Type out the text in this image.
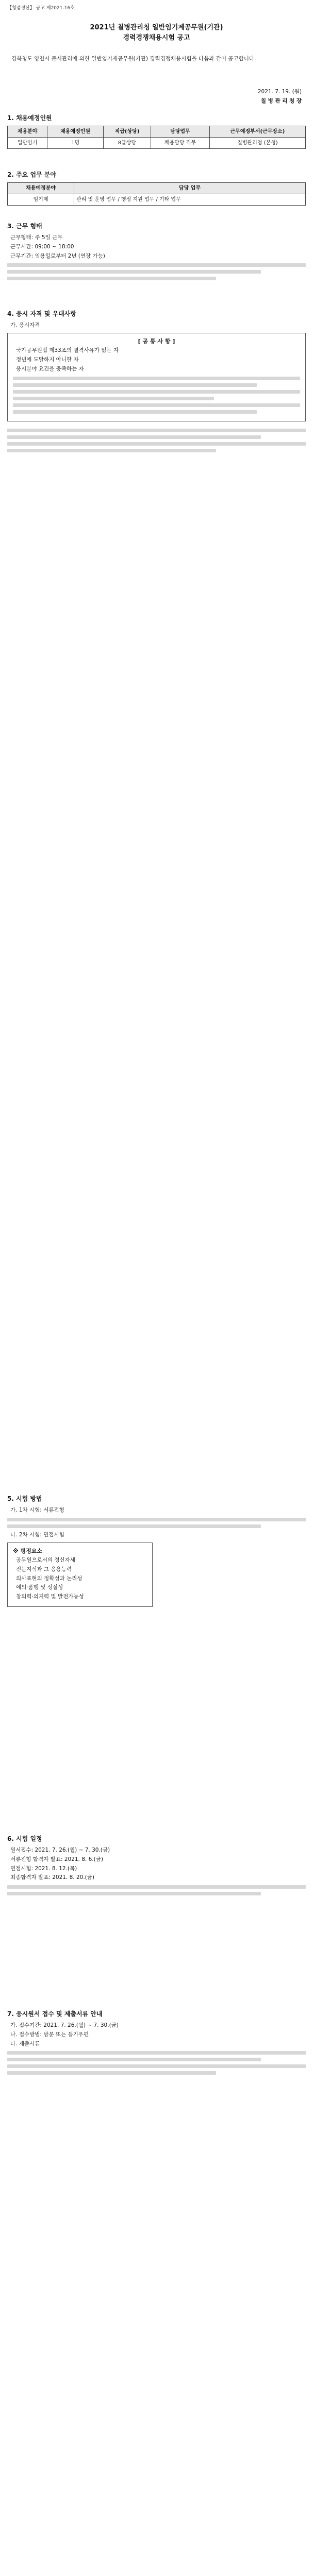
【청렴경산】 공고 제2021-16호
2021년 칠병관리청 일반임기제공무원(기관)
경력경쟁채용시험 공고
경북청도 영천시 문서관리에 의한 일반임기제공무원(기관) 경력경쟁채용시험을 다음과 같이 공고합니다.
2021. 7. 19. (월)
칠 병 관 리 청 장
1. 채용예정인원
채용분야	채용예정인원	직급(상당)	담당업무	근무예정부서(근무장소)
일반임기	1명	8급상당	채용담당 직무	칠병관리청 (본청)
2. 주요 업무 분야
채용예정분야	담당 업무
임기제	관리 및 운영 업무 / 행정 지원 업무 / 기타 업무
3. 근무 형태
근무형태: 주 5일 근무
근무시간: 09:00 ~ 18:00
근무기간: 임용일로부터 2년 (연장 가능)
4. 응시 자격 및 우대사항
가. 응시자격
[ 공 통 사 항 ]
국가공무원법 제33조의 결격사유가 없는 자
정년에 도달하지 아니한 자
응시분야 요건을 충족하는 자
5. 시험 방법
가. 1차 시험: 서류전형
나. 2차 시험: 면접시험
※ 평정요소
공무원으로서의 정신자세
전문지식과 그 응용능력
의사표현의 정확성과 논리성
예의·품행 및 성실성
창의력·의지력 및 발전가능성
6. 시험 일정
원서접수: 2021. 7. 26.(월) ~ 7. 30.(금)
서류전형 합격자 발표: 2021. 8. 6.(금)
면접시험: 2021. 8. 12.(목)
최종합격자 발표: 2021. 8. 20.(금)
7. 응시원서 접수 및 제출서류 안내
가. 접수기간: 2021. 7. 26.(월) ~ 7. 30.(금)
나. 접수방법: 방문 또는 등기우편
다. 제출서류
